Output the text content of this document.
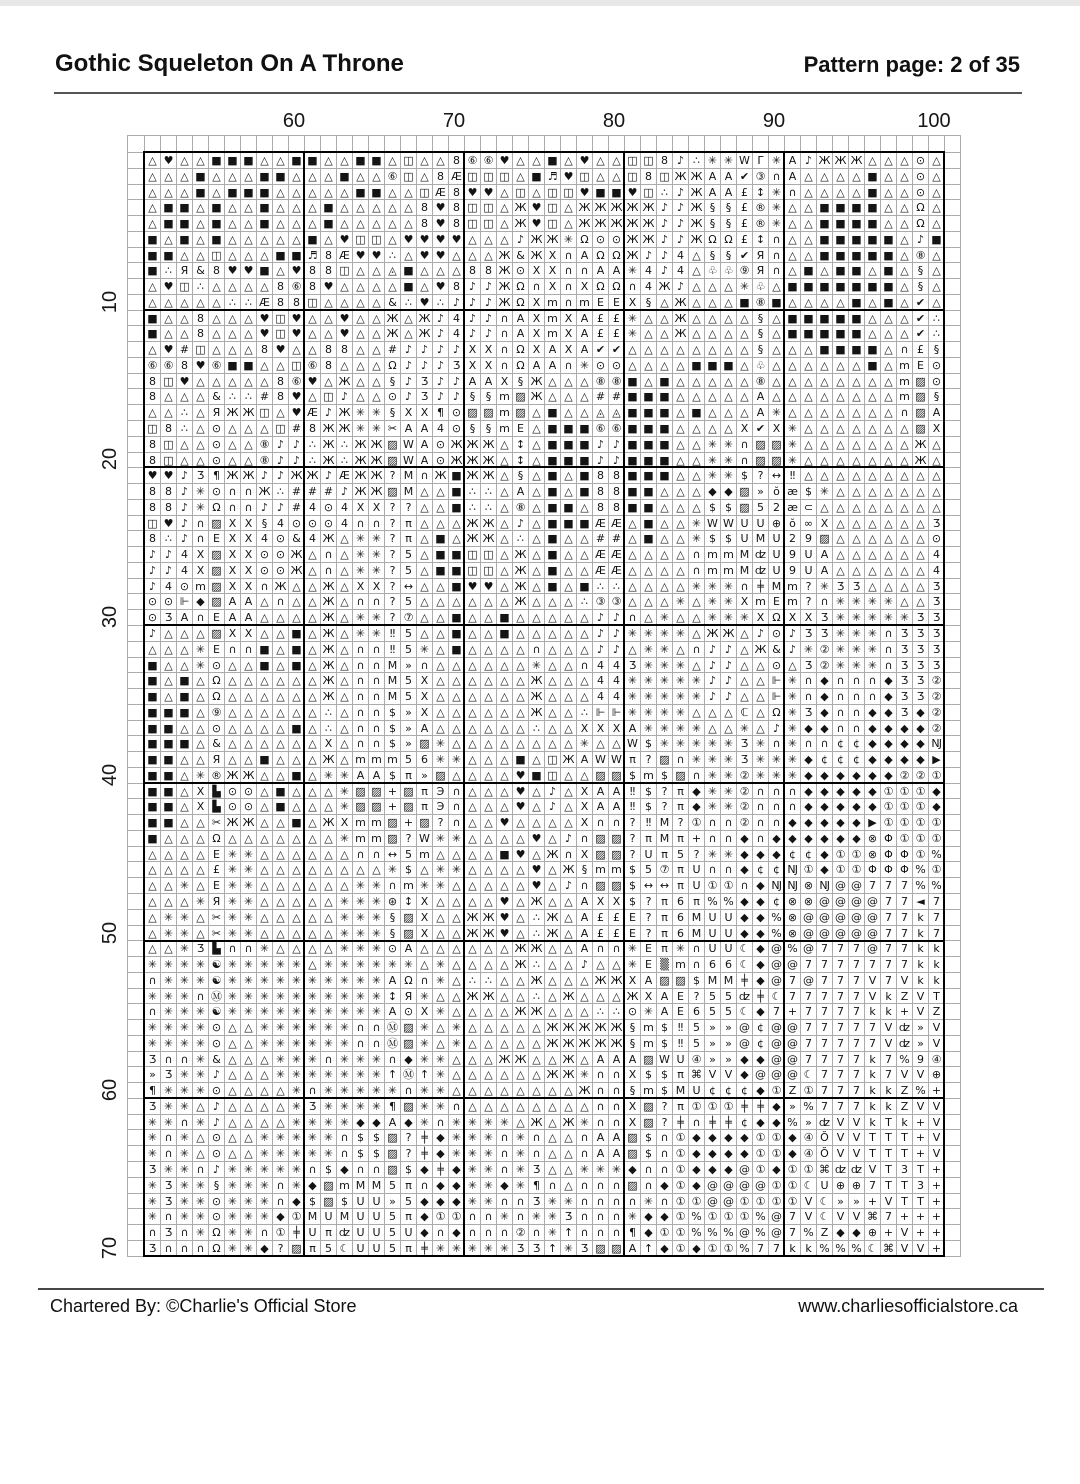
Gothic Squeleton On A Throne	Pattern page: 2 of 35
60	70	80	90	100
10
20
30
40
50
60
70
△ ♥ △ △ ■ ■ ■ △ △ ■ ■ △ △ ■ ■ △ ◫ △ △ 8 ⑥ ⑥ ♥ △ △ ■ △ ♥ △ △ ◫ ◫ 8 ♪ ∴ ✳ ✳ W Γ ✳ A ♪ Ж Ж Ж △ △ △ ⊙ △
△ △ △ ■ △ △ △ ■ ■ △ △ △ ■ △ △ ⑥ ◫ △ 8 Æ ◫ ◫ ◫ △ ■ ♬ ♥ ◫ △ △ ◫ 8 ◫ Ж Ж A A ✔ ③ ∩ A △ △ △ △ ■ △ △ ⊙ △
△ △ △ ■ △ ■ ■ ■ △ △ △ △ △ ■ ■ △ △ ◫ Æ 8 ♥ ♥ △ ◫ △ ◫ ◫ ♥ ■ ■ ♥ ◫ ∴ ♪ Ж A A £ ↕ ✳ ∩ △ △ △ △ ■ △ △ ⊙ △
△ ■ ■ △ ■ △ △ ■ △ △ △ ■ △ △ △ △ △ 8 ♥ 8 ◫ ◫ △ Ж ♥ ◫ △ Ж Ж Ж Ж Ж ♪ ♪ Ж § § £ ® ✳ △ △ ■ ■ ■ ■ △ △ Ω △
△ ■ ■ △ ■ △ △ ■ △ △ △ ■ △ △ △ △ △ 8 ♥ 8 ◫ ◫ △ Ж ♥ ◫ △ Ж Ж Ж Ж Ж ♪ ♪ Ж § § £ ® ✳ △ △ ■ ■ ■ ■ △ △ Ω △
■ △ ■ △ ■ △ △ △ △ △ ■ △ ♥ ◫ ◫ △ ♥ ♥ ♥ ♥ △ △ △ ♪ Ж Ж ✳ Ω ⊙ ⊙ Ж Ж ♪ ♪ Ж Ω Ω £ ↕ ∩ △ △ ■ ■ ■ ■ ■ △ ♪ ■
■ ■ △ △ ◫ △ △ △ ■ ■ ♬ 8 Æ ♥ ♥ ∴ △ ♥ ♥ △ △ △ Ж & Ж X ∩ A Ω Ω Ж ♪ ♪ 4 △ § § ✔ Я ∩ △ △ ■ ■ ■ ■ ■ △ ⑧ △
■ ∴ Я & 8 ♥ ♥ ■ △ ♥ 8 8 ◫ △ △ ◬ ■ △ △ △ 8 8 Ж ⊙ X X ∩ ∩ A A ✳ 4 ♪ 4 △ ♧ ♧ ⑨ Я ∩ △ ■ △ ■ ■ △ ■ △ § △
△ ♥ ◫ ∴ △ △ △ △ 8 ⑥ 8 ♥ △ △ △ △ ■ △ ♥ 8 ♪ ♪ Ж Ω ∩ X ∩ X Ω Ω ∩ 4 Ж ♪ △ △ △ ✳ ♧ △ ■ ■ ■ ■ ■ ■ ■ △ § △
△ △ △ △ △ ∴ ∴ Æ 8 8 ◫ △ △ △ △ & ∴ ♥ ∴ ♪ ♪ ♪ Ж Ω X m ∩ m E E X § △ Ж △ △ △ ■ ⑧ ■ △ △ △ △ ■ △ ■ △ ✔ △
■ △ △ 8 △ △ △ ♥ ◫ ♥ △ △ ♥ △ △ Ж △ Ж ♪ 4 ♪ ♪ ∩ A X m X A £ £ ✳ △ △ Ж △ △ △ △ § △ ■ ■ ■ ■ ■ △ △ △ ✔ ∴
■ △ △ 8 △ △ △ ♥ ◫ ♥ △ △ ♥ △ △ Ж △ Ж ♪ 4 ♪ ♪ ∩ A X m X A £ £ ✳ △ △ Ж △ △ △ △ § △ ■ ■ ■ ■ ■ △ △ △ ✔ ∴
△ ♥ # ◫ △ △ △ 8 ♥ △ △ 8 8 △ △ # ♪ ♪ ♪ ♪ X X ∩ Ω X A X A ✔ ✔ △ △ △ △ △ △ △ △ § △ △ △ ■ ■ ■ ■ △ ∩ £ §
⑥ ⑥ 8 ♥ ⑥ ■ ■ △ △ ◫ ⑥ 8 △ △ △ Ω ♪ ♪ ♪ Ʒ X X ∩ Ω A A ∩ ✳ ⊙ ⊙ △ △ △ △ ■ ■ ■ △ ♧ △ △ △ △ △ △ ■ △ m E ⊙
8 ◫ ♥ △ △ △ △ △ 8 ⑥ ♥ △ Ж △ △ § ♪ Ʒ ♪ ♪ A A X § Ж △ △ △ ⑧ ⑧ ■ △ ■ △ △ △ △ △ ⑧ △ △ △ △ △ △ △ △ m ▨ ⊙
8 △ △ △ & ∴ ∴ # 8 ♥ △ ◫ ♪ △ △ ⊙ ♪ Ʒ ♪ ♪ § § m ▨ Ж △ △ △ # # ■ ■ ■ △ △ △ △ △ A △ △ △ △ △ △ △ △ m ▨ §
△ △ ∴ △ Я Ж Ж ◫ △ ♥ Æ ♪ Ж ✳ ✳ § X X ¶ ⊙ ▨ ▨ m ▨ △ ■ △ △ ◬ ◬ ■ ■ ■ △ ■ △ △ △ A ✳ △ △ △ △ △ △ △ ∩ ▨ A
◫ 8 ∴ △ ⊙ △ △ △ ◫ # 8 Ж Ж ✳ ✳ ✂ A A 4 ⊙ § § m E △ ■ ■ ■ ⑥ ⑥ ■ ■ ■ △ △ △ △ X ✔ X ✳ △ △ △ △ △ △ △ ▨ X
8 ◫ △ △ ⊙ △ △ ⑧ ♪ ♪ ∴ Ж ∴ Ж Ж ▨ W A ⊙ Ж Ж Ж △ ↕ △ ■ ■ ■ ♪ ♪ ■ ■ ■ △ △ ✳ ✳ ∩ ▨ ▨ ✳ △ △ △ △ △ △ △ Ж △
8 ◫ △ △ ⊙ △ △ ⑧ ♪ ♪ ∴ Ж ∴ Ж Ж ▨ W A ⊙ Ж Ж Ж △ ↕ △ ■ ■ ■ ♪ ♪ ■ ■ ■ △ △ ✳ ✳ ∩ ▨ ▨ ✳ △ △ △ △ △ △ △ Ж △
♥ ♥ ♪ Ʒ ¶ Ж Ж ♪ ♪ Ж Ж ♪ Æ Ж Ж ? M ∩ Ж ■ Ж Ж △ § △ ■ △ ■ 8 8 ■ ■ ■ △ △ ✳ ✳ $ ? ↔ ‼ △ △ △ △ △ △ △ △ △
8 8 ♪ ✳ ⊙ ∩ ∩ Ж ∴ # # # ♪ Ж Ж ▨ M △ △ ■ ∴ ∴ △ A △ ■ △ ■ 8 8 ■ ■ △ △ △ ◆ ◆ ▨ » ŏ æ $ ✳ △ △ △ △ △ △ △
8 8 ♪ ✳ Ω ∩ ∩ ♪ ♪ # 4 ⊙ 4 X X ? ? △ △ ■ ∴ ∴ △ ⑧ △ ■ ■ △ 8 8 ■ ■ △ △ △ $ $ ▨ 5 2 æ ⊂ △ △ △ △ △ △ △ △
◫ ♥ ♪ ∩ ▨ X X § 4 ⊙ ⊙ ⊙ 4 ∩ ∩ ? π △ △ △ Ж Ж △ ♪ △ ■ ■ ■ Æ Æ △ ■ △ △ ✳ W W U U ⊕ ŏ ∞ X △ △ △ △ △ △ Ʒ
8 ∴ ♪ ∩ E X X 4 ⊙ & 4 Ж △ ✳ ✳ ? π △ ■ △ Ж Ж △ ∴ △ ■ △ △ # # △ ■ △ △ ✳ $ $ U M U 2 9 ▨ △ △ △ △ △ △ ⊙
♪ ♪ 4 X ▨ X X ⊙ ⊙ Ж △ ∩ △ ✳ ✳ ? 5 △ ■ ■ ◫ ◫ △ Ж △ ■ △ △ Æ Æ △ △ △ △ ∩ m m M ʣ U 9 U A △ △ △ △ △ △ 4
♪ ♪ 4 X ▨ X X ⊙ ⊙ Ж △ ∩ △ ✳ ✳ ? 5 △ ■ ■ ◫ ◫ △ Ж △ ■ △ △ Æ Æ △ △ △ △ ∩ m m M ʣ U 9 U A △ △ △ △ △ △ 4
♪ 4 ⊙ m ▨ X X ∩ Ж △ △ Ж △ X X ? ↔ △ △ ■ ♥ ♥ △ Ж △ ■ △ ■ ∴ ∴ △ △ △ △ ✳ ✳ ✳ ∩ ╪ M m ? ✳ Ʒ Ʒ △ △ △ △ Ʒ
⊙ ⊙ ⊩ ◆ ▨ A A △ ∩ △ △ Ж △ ∩ ∩ ? 5 △ △ △ △ △ △ Ж △ △ △ ∴ ③ ③ △ △ △ ✳ △ ✳ ✳ X m E m ? ∩ ✳ ✳ ✳ ✳ △ △ Ʒ
⊙ Ʒ A ∩ E A A △ △ △ △ Ж △ ✳ ✳ ? ⑦ △ △ ■ △ △ ■ △ △ △ △ △ ♪ ♪ ∩ △ ✳ △ △ ✳ ✳ ✳ X Ω X X Ʒ ✳ ✳ ✳ ✳ ✳ Ʒ Ʒ
♪ △ △ △ ▨ X X △ △ ■ △ Ж △ ✳ ✳ ‼ 5 △ △ ■ △ △ ■ △ △ △ △ △ ♪ ♪ ✳ ✳ ✳ ✳ △ Ж Ж △ ♪ ⊙ ♪ Ʒ Ʒ ✳ ✳ ✳ ∩ Ʒ Ʒ Ʒ
△ △ △ ✳ E ∩ ∩ ■ △ ■ △ Ж △ ∩ ∩ ‼ 5 ✳ △ ■ △ △ △ △ ∩ △ △ △ ♪ ♪ △ ✳ ✳ △ ∩ ♪ ♪ △ Ж & ♪ ✳ ② ✳ ✳ ✳ ∩ Ʒ Ʒ Ʒ
■ △ △ ✳ ⊙ △ △ ■ △ ■ △ Ж △ ∩ ∩ M » ∩ △ △ △ △ △ △ ✳ △ △ ∩ 4 4 Ʒ ✳ ✳ ✳ △ ♪ ♪ △ △ ⊙ △ Ʒ ② ✳ ✳ ✳ ∩ Ʒ Ʒ Ʒ
■ △ ■ △ Ω △ △ △ △ △ △ Ж △ ∩ ∩ M 5 X △ △ △ △ △ △ Ж △ △ △ 4 4 ✳ ✳ ✳ ✳ ✳ ♪ ♪ △ △ ⊩ ✳ ∩ ◆ ∩ ∩ ∩ ◆ Ʒ Ʒ ②
■ △ ■ △ Ω △ △ △ △ △ △ Ж △ ∩ ∩ M 5 X △ △ △ △ △ △ Ж △ △ △ 4 4 ✳ ✳ ✳ ✳ ✳ ♪ ♪ △ △ ⊩ ✳ ∩ ◆ ∩ ∩ ∩ ◆ Ʒ Ʒ ②
■ ■ ■ △ ⑨ △ △ △ △ △ △ ∴ △ ∩ ∩ $ » X △ △ △ △ △ △ Ж △ △ ∴ ⊩ ⊩ ✳ ✳ ✳ ✳ △ △ △ ℂ △ Ω ✳ Ʒ ◆ ∩ ∩ ◆ ◆ Ʒ ◆ ②
■ ■ △ △ ⊙ △ △ △ △ ■ △ ∴ △ ∩ ∩ $ » A △ △ △ △ △ △ ∴ △ △ X X X A ✳ ✳ ✳ ✳ △ △ ✳ △ ♪ ✳ ◆ ◆ ∩ ∩ ◆ ◆ ◆ ◆ ②
■ ■ ■ △ & △ △ △ △ △ △ X △ ∩ ∩ $ » ▨ ✳ △ △ △ △ △ △ △ △ ✳ △ △ W $ ✳ ✳ ✳ ✳ ✳ Ʒ ✳ ∩ ✳ ∩ ∩ ¢ ¢ ◆ ◆ ◆ ◆ Ǌ
■ ■ △ △ Я △ △ ■ △ △ △ Ж △ m m m 5 6 ✳ ✳ △ △ △ ■ △ ◫ Ж A W W π ? ▨ ∩ ✳ ✳ ✳ Ʒ ✳ ✳ ✳ ◆ ¢ ¢ ¢ ◆ ◆ ◆ ◆ ▶
■ ■ △ ✳ ® Ж Ж △ △ ■ △ ✳ ✳ A A $ π » ▨ △ △ △ △ ♥ ■ ◫ △ △ ▨ ▨ $ m $ ▨ ∩ ✳ ✳ ② ✳ ✳ ✳ ◆ ◆ ◆ ◆ ◆ ◆ ② ② ①
■ ■ △ X ▙ ⊙ ⊙ △ ■ △ △ △ ✳ ▨ ▨ + ▨ π Э ∩ △ △ △ ♥ △ ♪ △ X A A ‼ $ ? π ◆ ✳ ✳ ② ∩ ∩ ∩ ◆ ◆ ◆ ◆ ◆ ① ① ① ◆
■ ■ △ X ▙ ⊙ ⊙ △ ■ △ △ △ ✳ ▨ ▨ + ▨ π Э ∩ △ △ △ ♥ △ ♪ △ X A A ‼ $ ? π ◆ ✳ ✳ ② ∩ ∩ ∩ ◆ ◆ ◆ ◆ ◆ ① ① ① ◆
■ ■ △ △ ✂ Ж Ж △ △ ■ △ Ж X m m ▨ + ▨ ? ∩ △ △ ♥ △ △ △ △ X ∩ ∩ ? ‼ M ? ① ∩ ∩ ② ∩ ∩ ◆ ◆ ◆ ◆ ◆ ▶ ① ① ① ①
■ △ △ △ Ω △ △ △ △ △ △ △ ✳ m m ▨ ? W ✳ ✳ △ △ △ △ ♥ △ ♪ ∩ ▨ ▨ ? π M π + ∩ ∩ ◆ ∩ ◆ ◆ ◆ ◆ ◆ ◆ ⊗ Φ ① ① ①
△ △ △ △ E ✳ ✳ △ △ △ △ △ △ ∩ ∩ ↔ 5 m △ △ △ △ ■ ♥ △ Ж ∩ X ▨ ▨ ? U π 5 ? ✳ ✳ ◆ ◆ ◆ ¢ ¢ ◆ ① ① ⊗ Φ Φ ① %
△ △ △ △ £ ✳ ✳ △ △ △ △ △ △ △ △ ✳ $ △ ✳ ✳ △ △ △ △ ♥ △ Ж § m m $ 5 ⑦ π U ∩ ∩ ◆ ¢ ¢ Ǌ ① ◆ ① ① Φ Φ Φ % ①
△ △ ✳ △ E ✳ ✳ △ △ △ △ △ △ ✳ ✳ ∩ m ✳ ✳ △ △ △ △ △ ♥ △ ♪ ∩ ▨ ▨ $ ↔ ↔ π U ① ① ∩ ◆ Ǌ Ǌ ⊗ Ǌ @ @ 7 7 7 % %
△ △ △ ✳ Я ✳ ✳ △ △ △ △ △ ✳ ✳ ✳ ⊛ ↕ X △ △ △ △ ♥ △ Ж △ △ A X X $ ? π 6 π % % ◆ ◆ ¢ ⊗ ⊗ @ @ @ @ 7 7 ◄ 7
△ ✳ ✳ △ ✂ ✳ ✳ △ △ △ △ △ ✳ ✳ ✳ § ▨ X △ △ Ж Ж ♥ △ ∴ Ж △ A £ £ E ? π 6 M U U ◆ ◆ % ⊗ @ @ @ @ @ 7 7 k 7
△ ✳ ✳ △ ✂ ✳ ✳ △ △ △ △ △ ✳ ✳ ✳ § ▨ X △ △ Ж Ж ♥ △ ∴ Ж △ A £ £ E ? π 6 M U U ◆ ◆ % ⊗ @ @ @ @ @ 7 7 k 7
△ △ ✳ Ʒ ▙ ∩ ∩ ✳ △ △ △ △ ✳ ✳ ✳ ⊙ A △ △ △ △ △ △ Ж Ж △ △ A ∩ ∩ ✳ E π ✳ ∩ U U ☾ ◆ @ % @ 7 7 7 @ 7 7 k k
✳ ✳ ✳ ✳ ☯ ✳ ✳ ✳ ✳ ✳ △ ✳ ✳ ✳ ✳ ✳ ✳ △ ✳ △ △ △ △ Ж ∴ △ △ ♪ △ △ ✳ E ▒ m ∩ 6 6 ☾ ◆ @ @ 7 7 7 7 7 7 7 k k
∩ ✳ ✳ ✳ ☯ ✳ ✳ ✳ ✳ ✳ ✳ ✳ ✳ ✳ ✳ A Ω ∩ ✳ △ ∴ ∴ △ △ Ж △ △ △ Ж Ж X A ▨ ▨ $ M M ╪ ◆ @ 7 @ 7 7 7 V 7 V k k
✳ ✳ ✳ ∩ Ⓜ ✳ ✳ ✳ ✳ ✳ ✳ ✳ ✳ ✳ ✳ ↕ Я ✳ △ △ Ж Ж △ △ ∴ △ Ж △ △ △ Ж X A E ? 5 5 ʣ ╪ ☾ 7 7 7 7 7 V k Z V T
∩ ✳ ✳ ✳ ☯ ✳ ✳ ✳ ✳ ✳ ✳ ✳ ✳ ✳ ✳ A ⊙ X ✳ △ △ △ △ Ж Ж △ △ △ ∴ ∴ ⊙ ✳ A E 6 5 5 ☾ ◆ 7 + 7 7 7 7 k k + V Z
✳ ✳ ✳ ✳ ⊙ △ △ ✳ ✳ ✳ ✳ ✳ ✳ ∩ ∩ Ⓜ ▨ ✳ △ ✳ △ △ △ △ △ Ж Ж Ж Ж Ж § m $ ‼ 5 » » @ ¢ @ @ 7 7 7 7 7 V ʣ » V
✳ ✳ ✳ ✳ ⊙ △ △ ✳ ✳ ✳ ✳ ✳ ✳ ∩ ∩ Ⓜ ▨ ✳ △ ✳ △ △ △ △ △ Ж Ж Ж Ж Ж § m $ ‼ 5 » » @ ¢ @ @ 7 7 7 7 7 V ʣ » V
Ʒ ∩ ∩ ✳ & △ △ △ ✳ ✳ ✳ ∩ ✳ ✳ ✳ ∩ ◆ ✳ ✳ △ △ △ Ж Ж △ △ Ж △ A A A ▨ W U ④ » » ◆ ◆ @ @ 7 7 7 7 k 7 % 9 ④
» Ʒ ✳ ✳ ♪ △ △ △ ✳ ✳ ✳ ✳ ✳ ✳ ✳ ↑ Ⓜ ↑ ✳ △ △ △ △ △ △ Ж Ж ✳ ∩ ∩ X $ $ π ⌘ V V ◆ @ @ @ ☾ 7 7 7 k 7 V V ⊕
¶ ✳ ✳ ✳ ⊙ △ △ △ △ ✳ ∩ ✳ ✳ ✳ ✳ ✳ ∩ ✳ ✳ △ △ △ △ △ △ △ △ Ж ∩ ∩ § m $ M U ¢ ¢ ¢ ◆ ① Z ① 7 7 7 k k Z % +
Ʒ ✳ ✳ △ ♪ △ △ △ △ ✳ Ʒ ✳ ✳ ✳ ✳ ¶ ▨ ✳ ✳ ∩ △ △ △ △ △ △ △ △ ∩ ∩ X ▨ ? π ① ① ① ╪ ╪ ◆ » % 7 7 7 k k Z V V
✳ ✳ ∩ ✳ ♪ △ △ △ △ ✳ ✳ ✳ ✳ ◆ ◆ A ◆ ✳ ∩ ✳ ✳ ✳ ✳ △ Ж △ Ж ✳ ∩ ∩ X ▨ ? ╪ ∩ ╪ ╪ ¢ ◆ ◆ % » ʣ V V k T k + V
✳ ∩ ✳ △ ⊙ △ △ ✳ ✳ ✳ ✳ ✳ ∩ $ $ ▨ ? ╪ ◆ ✳ ✳ ✳ ∩ ✳ ∩ △ △ ∩ A A ▨ $ ∩ ① ◆ ◆ ◆ ◆ ① ① ◆ ④ Ŏ V V T T T + V
✳ ∩ ✳ △ ⊙ △ △ ✳ ✳ ✳ ✳ ✳ ∩ $ $ ▨ ? ╪ ◆ ✳ ✳ ✳ ∩ ✳ ∩ △ △ ∩ A A ▨ $ ∩ ① ◆ ◆ ◆ ◆ ① ① ◆ ④ Ŏ V V T T T + V
Ʒ ✳ ✳ ∩ ♪ ✳ ✳ ✳ ✳ ✳ ∩ $ ◆ ∩ ∩ ▨ $ ◆ ╪ ◆ ✳ ✳ ∩ ✳ Ʒ △ △ ✳ ✳ ✳ ◆ ∩ ∩ ① ◆ ◆ ◆ @ ① ◆ ① ① ⌘ ʣ ʣ V T 3 T +
✳ Ʒ ✳ ✳ § ✳ ✳ ✳ ∩ ✳ ◆ ▨ m M M 5 π ∩ ◆ ◆ ✳ ✳ ◆ ✳ ¶ ∩ △ ∩ ∩ ∩ ▨ ∩ ◆ ① ◆ @ @ @ @ ① ① ☾ U ⊕ ⊕ 7 T T 3 +
✳ Ʒ ✳ ✳ ⊙ ✳ ✳ ✳ ∩ ◆ $ ▨ $ U U » 5 ◆ ◆ ◆ ✳ ✳ ∩ ∩ Ʒ ✳ ✳ ∩ ∩ ∩ ∩ ✳ ∩ ① ① @ @ ① ① ① ① V ☾ » » + V T T +
✳ ∩ ✳ ✳ ⊙ ✳ ✳ ✳ ◆ ① M U M U U 5 π ◆ ① ① ∩ ∩ ✳ ∩ ✳ ✳ Ʒ ∩ ∩ ∩ ✳ ◆ ◆ ① % ① ① ① % @ 7 V ☾ V V ⌘ 7 + + +
∩ Ʒ ∩ ✳ Ω ✳ ✳ ∩ ① ╪ U π ʣ U U 5 U ◆ ∩ ◆ ∩ ∩ ∩ ② ∩ ✳ ↑ ∩ ∩ ∩ ¶ ◆ ① ① % % % @ % @ 7 % Z ◆ ◆ ⊕ + V + +
Ʒ ∩ ∩ ∩ Ω ✳ ✳ ◆ ? ▨ π 5 ☾ U U 5 π ╪ ✳ ✳ ✳ ✳ ✳ Ʒ Ʒ ↑ ✳ Ʒ ▨ ▨ A ↑ ◆ ① ◆ ① ① % 7 7 k k % % % ☾ ⌘ V V +
Chartered By: ©Charlie's Official Store	www.charliesofficialstore.ca
